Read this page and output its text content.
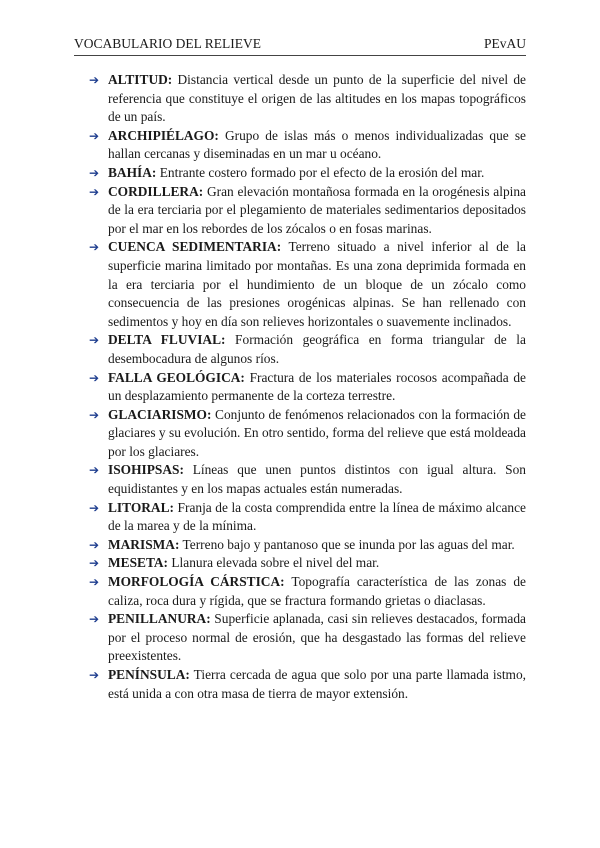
VOCABULARIO DEL RELIEVE	PEvAU
➔ ALTITUD: Distancia vertical desde un punto de la superficie del nivel de referencia que constituye el origen de las altitudes en los mapas topográficos de un país.
➔ ARCHIPIÉLAGO: Grupo de islas más o menos individualizadas que se hallan cercanas y diseminadas en un mar u océano.
➔ BAHÍA: Entrante costero formado por el efecto de la erosión del mar.
➔ CORDILLERA: Gran elevación montañosa formada en la orogénesis alpina de la era terciaria por el plegamiento de materiales sedimentarios depositados por el mar en los rebordes de los zócalos o en fosas marinas.
➔ CUENCA SEDIMENTARIA: Terreno situado a nivel inferior al de la superficie marina limitado por montañas. Es una zona deprimida formada en la era terciaria por el hundimiento de un bloque de un zócalo como consecuencia de las presiones orogénicas alpinas. Se han rellenado con sedimentos y hoy en día son relieves horizontales o suavemente inclinados.
➔ DELTA FLUVIAL: Formación geográfica en forma triangular de la desembocadura de algunos ríos.
➔ FALLA GEOLÓGICA: Fractura de los materiales rocosos acompañada de un desplazamiento permanente de la corteza terrestre.
➔ GLACIARISMO: Conjunto de fenómenos relacionados con la formación de glaciares y su evolución. En otro sentido, forma del relieve que está moldeada por los glaciares.
➔ ISOHIPSAS: Líneas que unen puntos distintos con igual altura. Son equidistantes y en los mapas actuales están numeradas.
➔ LITORAL: Franja de la costa comprendida entre la línea de máximo alcance de la marea y de la mínima.
➔ MARISMA: Terreno bajo y pantanoso que se inunda por las aguas del mar.
➔ MESETA: Llanura elevada sobre el nivel del mar.
➔ MORFOLOGÍA CÁRSTICA: Topografía característica de las zonas de caliza, roca dura y rígida, que se fractura formando grietas o diaclasas.
➔ PENILLANURA: Superficie aplanada, casi sin relieves destacados, formada por el proceso normal de erosión, que ha desgastado las formas del relieve preexistentes.
➔ PENÍNSULA: Tierra cercada de agua que solo por una parte llamada istmo, está unida a con otra masa de tierra de mayor extensión.
